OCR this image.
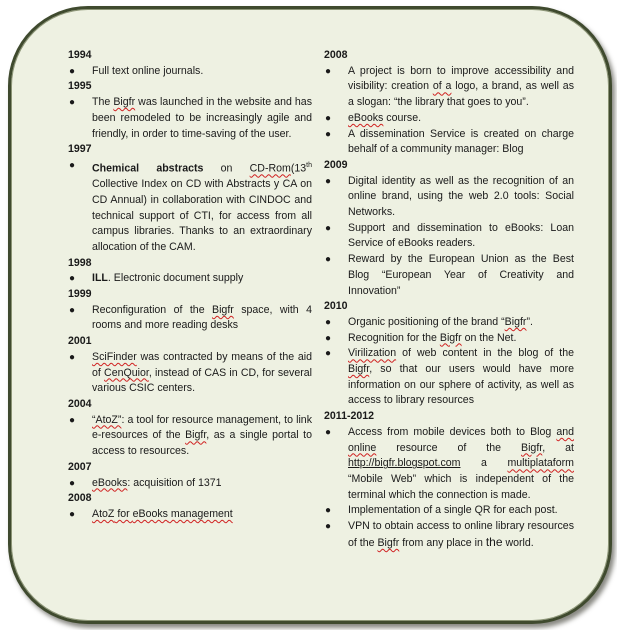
1994

● Full text online journals.

1995

● The Bigfr was launched in the website and has been remodeled to be increasingly agile and friendly, in order to time-saving of the user.

1997

● Chemical abstracts on CD-Rom(13th Collective Index on CD with Abstracts y CA on CD Annual) in collaboration with CINDOC and technical support of CTI, for access from all campus libraries. Thanks to an extraordinary allocation of the CAM.

1998

● ILL. Electronic document supply

1999

● Reconfiguration of the Bigfr space, with 4 rooms and more reading desks

2001

● SciFinder was contracted by means of the aid of CenQuior, instead of CAS in CD, for several various CSIC centers.

2004

● “AtoZ”: a tool for resource management, to link e-resources of the Bigfr, as a single portal to access to resources.

2007

● eBooks: acquisition of 1371

2008

● AtoZ for eBooks management

2008

● A project is born to improve accessibility and visibility: creation of a logo, a brand, as well as a slogan: “the library that goes to you”.
● eBooks course.
● A dissemination Service is created on charge behalf of a community manager: Blog

2009

● Digital identity as well as the recognition of an online brand, using the web 2.0 tools: Social Networks.
● Support and dissemination to eBooks: Loan Service of eBooks readers.
● Reward by the European Union as the Best Blog “European Year of Creativity and Innovation”

2010

● Organic positioning of the brand “Bigfr”.
● Recognition for the Bigfr on the Net.
● Virilization of web content in the blog of the Bigfr, so that our users would have more information on our sphere of activity, as well as access to library resources

2011-2012

● Access from mobile devices both to Blog and online resource of the Bigfr, at http://bigfr.blogspot.com a multiplataform “Mobile Web” which is independent of the terminal which the connection is made.
● Implementation of a single QR for each post.
● VPN to obtain access to online library resources of the Bigfr from any place in the world.
